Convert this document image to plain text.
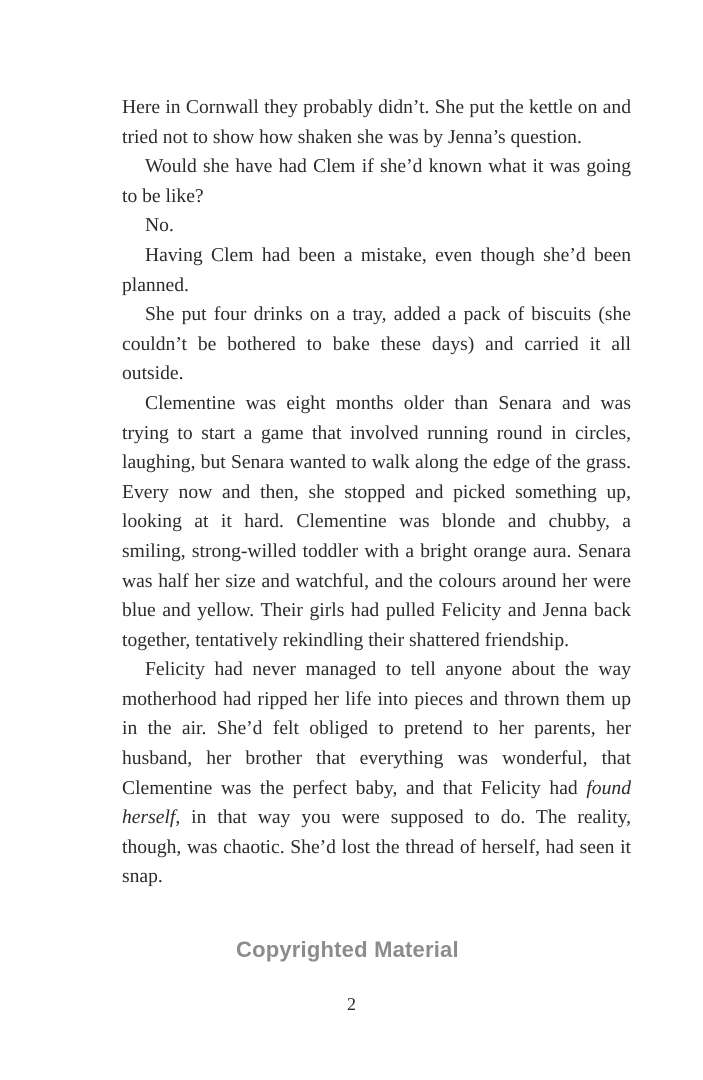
Here in Cornwall they probably didn’t. She put the kettle on and tried not to show how shaken she was by Jenna’s question.

Would she have had Clem if she’d known what it was going to be like?

No.

Having Clem had been a mistake, even though she’d been planned.

She put four drinks on a tray, added a pack of biscuits (she couldn’t be bothered to bake these days) and carried it all outside.

Clementine was eight months older than Senara and was trying to start a game that involved running round in circles, laughing, but Senara wanted to walk along the edge of the grass. Every now and then, she stopped and picked something up, looking at it hard. Clementine was blonde and chubby, a smiling, strong-willed toddler with a bright orange aura. Senara was half her size and watchful, and the colours around her were blue and yellow. Their girls had pulled Felicity and Jenna back together, tentatively rekindling their shattered friendship.

Felicity had never managed to tell anyone about the way motherhood had ripped her life into pieces and thrown them up in the air. She’d felt obliged to pretend to her parents, her husband, her brother that everything was wonderful, that Clementine was the perfect baby, and that Felicity had found herself, in that way you were supposed to do. The reality, though, was chaotic. She’d lost the thread of herself, had seen it snap.

Copyrighted Material
2
